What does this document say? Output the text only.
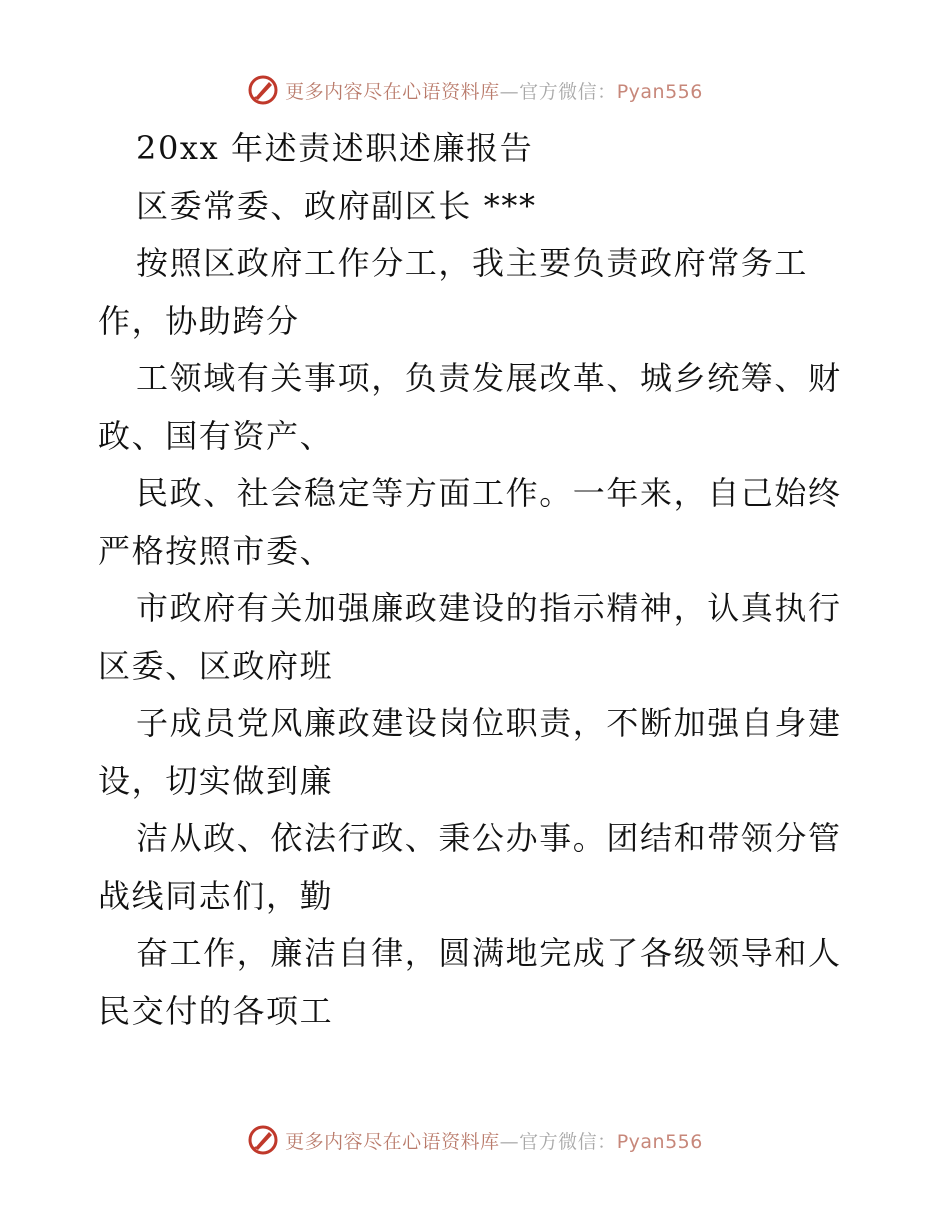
更多内容尽在心语资料库—官方微信：Pyan556
20xx 年述责述职述廉报告
区委常委、政府副区长 ***
按照区政府工作分工，我主要负责政府常务工
作，协助跨分
工领域有关事项，负责发展改革、城乡统筹、财
政、国有资产、
民政、社会稳定等方面工作。一年来，自己始终
严格按照市委、
市政府有关加强廉政建设的指示精神，认真执行
区委、区政府班
子成员党风廉政建设岗位职责，不断加强自身建
设，切实做到廉
洁从政、依法行政、秉公办事。团结和带领分管
战线同志们，勤
奋工作，廉洁自律，圆满地完成了各级领导和人
民交付的各项工
更多内容尽在心语资料库—官方微信：Pyan556
